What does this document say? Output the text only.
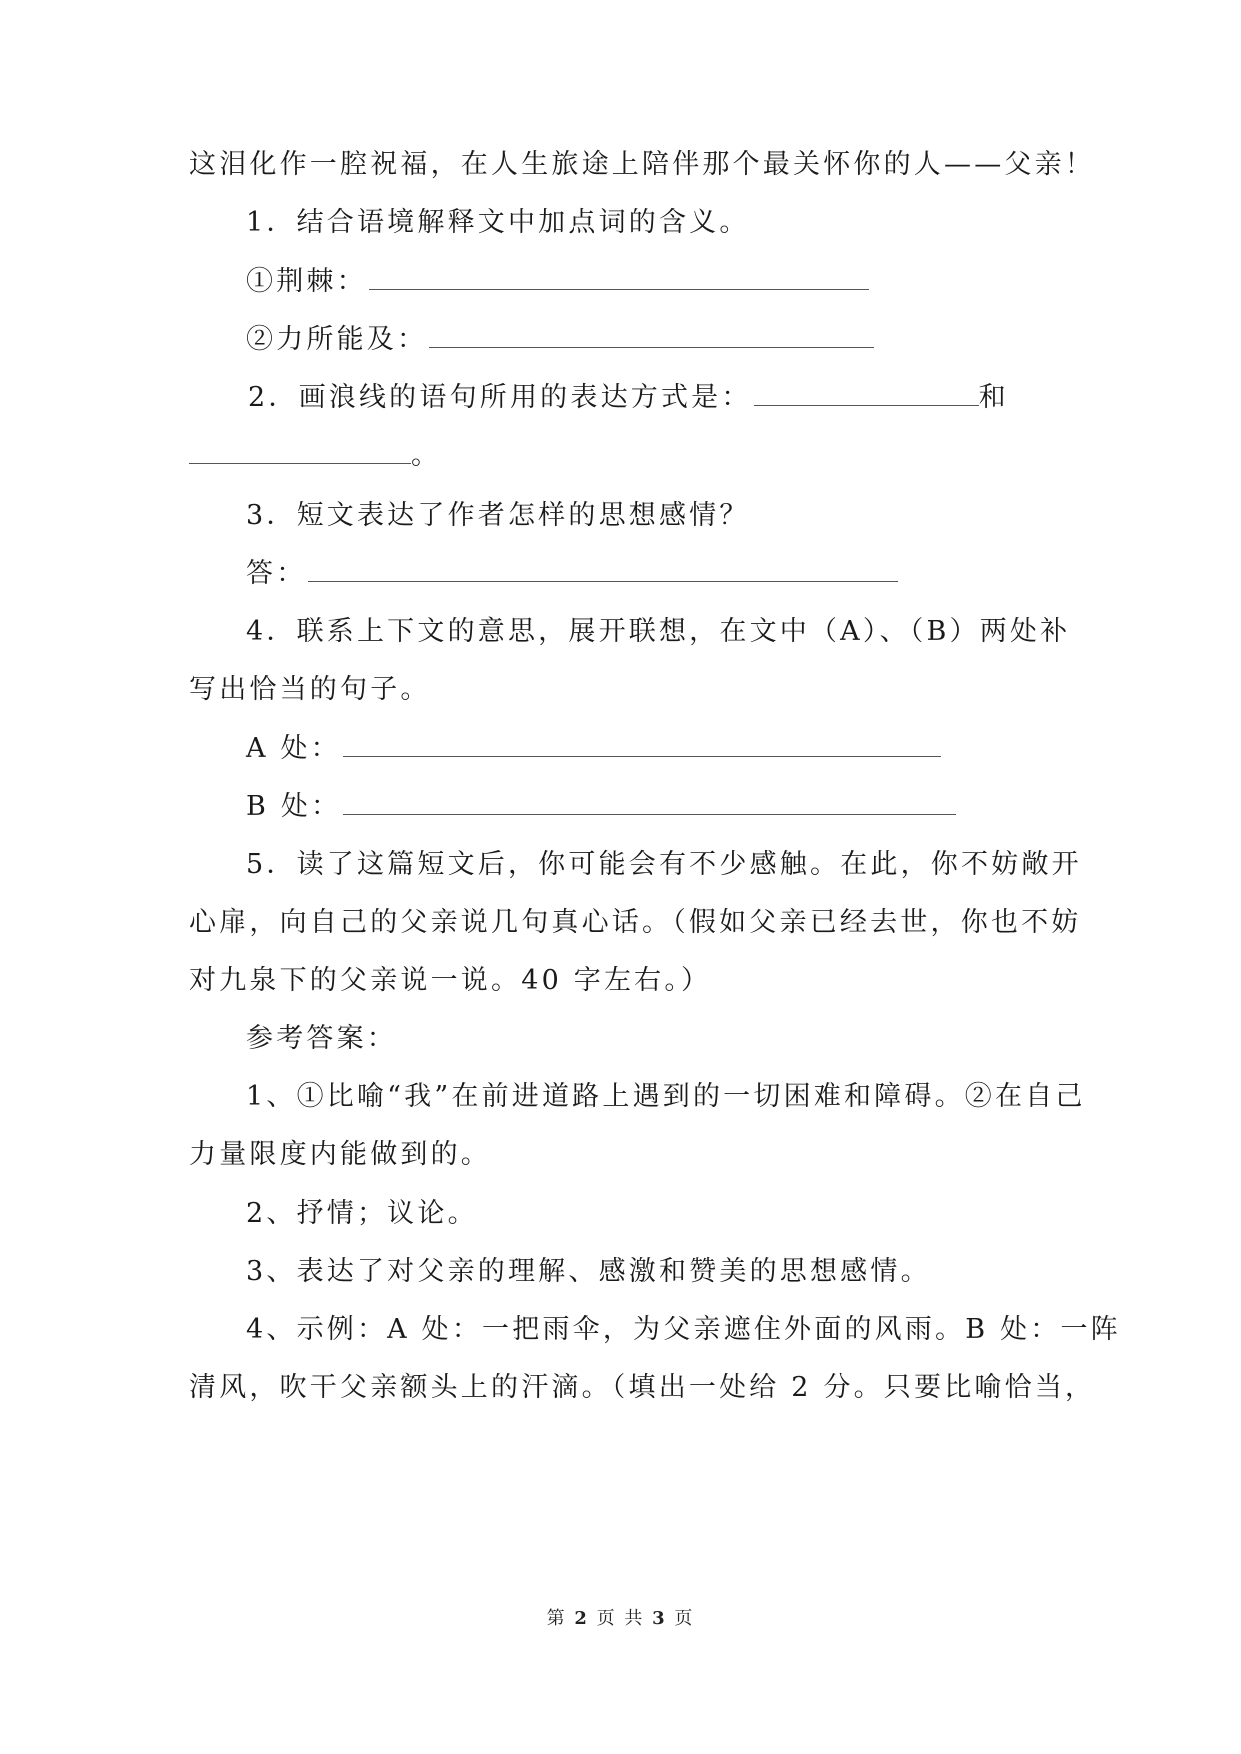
这泪化作一腔祝福，在人生旅途上陪伴那个最关怀你的人——父亲！
1．结合语境解释文中加点词的含义。
①荆棘：
②力所能及：
2．画浪线的语句所用的表达方式是：	和
。
3．短文表达了作者怎样的思想感情？
答：
4．联系上下文的意思，展开联想，在文中（A）、（B）两处补
写出恰当的句子。
A 处：
B 处：
5．读了这篇短文后，你可能会有不少感触。在此，你不妨敞开
心扉，向自己的父亲说几句真心话。（假如父亲已经去世，你也不妨
对九泉下的父亲说一说。40 字左右。）
参考答案：
1、①比喻“我”在前进道路上遇到的一切困难和障碍。②在自己
力量限度内能做到的。
2、抒情；议论。
3、表达了对父亲的理解、感激和赞美的思想感情。
4、示例：A 处：一把雨伞，为父亲遮住外面的风雨。B 处：一阵
清风，吹干父亲额头上的汗滴。（填出一处给 2 分。只要比喻恰当，
第 2 页 共 3 页
